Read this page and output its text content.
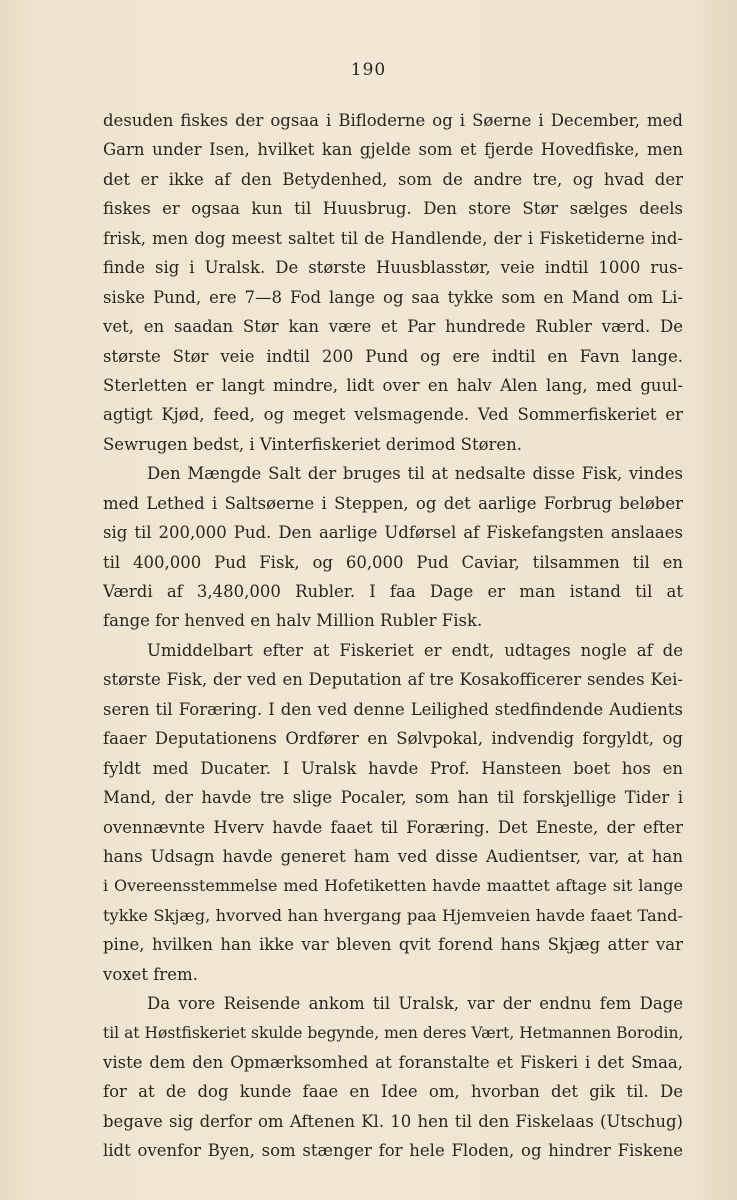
190
desuden fiskes der ogsaa i Bifloderne og i Søerne i December, med
Garn under Isen, hvilket kan gjelde som et fjerde Hovedfiske, men
det er ikke af den Betydenhed, som de andre tre, og hvad der
fiskes er ogsaa kun til Huusbrug. Den store Stør sælges deels
frisk, men dog meest saltet til de Handlende, der i Fisketiderne ind-
finde sig i Uralsk. De største Huusblasstør, veie indtil 1000 rus-
siske Pund, ere 7—8 Fod lange og saa tykke som en Mand om Li-
vet, en saadan Stør kan være et Par hundrede Rubler værd. De
største Stør veie indtil 200 Pund og ere indtil en Favn lange.
Sterletten er langt mindre, lidt over en halv Alen lang, med guul-
agtigt Kjød, feed, og meget velsmagende. Ved Sommerfiskeriet er
Sewrugen bedst, i Vinterfiskeriet derimod Støren.
Den Mængde Salt der bruges til at nedsalte disse Fisk, vindes
med Lethed i Saltsøerne i Steppen, og det aarlige Forbrug beløber
sig til 200,000 Pud. Den aarlige Udførsel af Fiskefangsten anslaaes
til 400,000 Pud Fisk, og 60,000 Pud Caviar, tilsammen til en
Værdi af 3,480,000 Rubler. I faa Dage er man istand til at
fange for henved en halv Million Rubler Fisk.
Umiddelbart efter at Fiskeriet er endt, udtages nogle af de
største Fisk, der ved en Deputation af tre Kosakofficerer sendes Kei-
seren til Foræring. I den ved denne Leilighed stedfindende Audients
faaer Deputationens Ordfører en Sølvpokal, indvendig forgyldt, og
fyldt med Ducater. I Uralsk havde Prof. Hansteen boet hos en
Mand, der havde tre slige Pocaler, som han til forskjellige Tider i
ovennævnte Hverv havde faaet til Foræring. Det Eneste, der efter
hans Udsagn havde generet ham ved disse Audientser, var, at han
i Overeensstemmelse med Hofetiketten havde maattet aftage sit lange
tykke Skjæg, hvorved han hvergang paa Hjemveien havde faaet Tand-
pine, hvilken han ikke var bleven qvit forend hans Skjæg atter var
voxet frem.
Da vore Reisende ankom til Uralsk, var der endnu fem Dage
til at Høstfiskeriet skulde begynde, men deres Vært, Hetmannen Borodin,
viste dem den Opmærksomhed at foranstalte et Fiskeri i det Smaa,
for at de dog kunde faae en Idee om, hvorban det gik til. De
begave sig derfor om Aftenen Kl. 10 hen til den Fiskelaas (Utschug)
lidt ovenfor Byen, som stænger for hele Floden, og hindrer Fiskene
